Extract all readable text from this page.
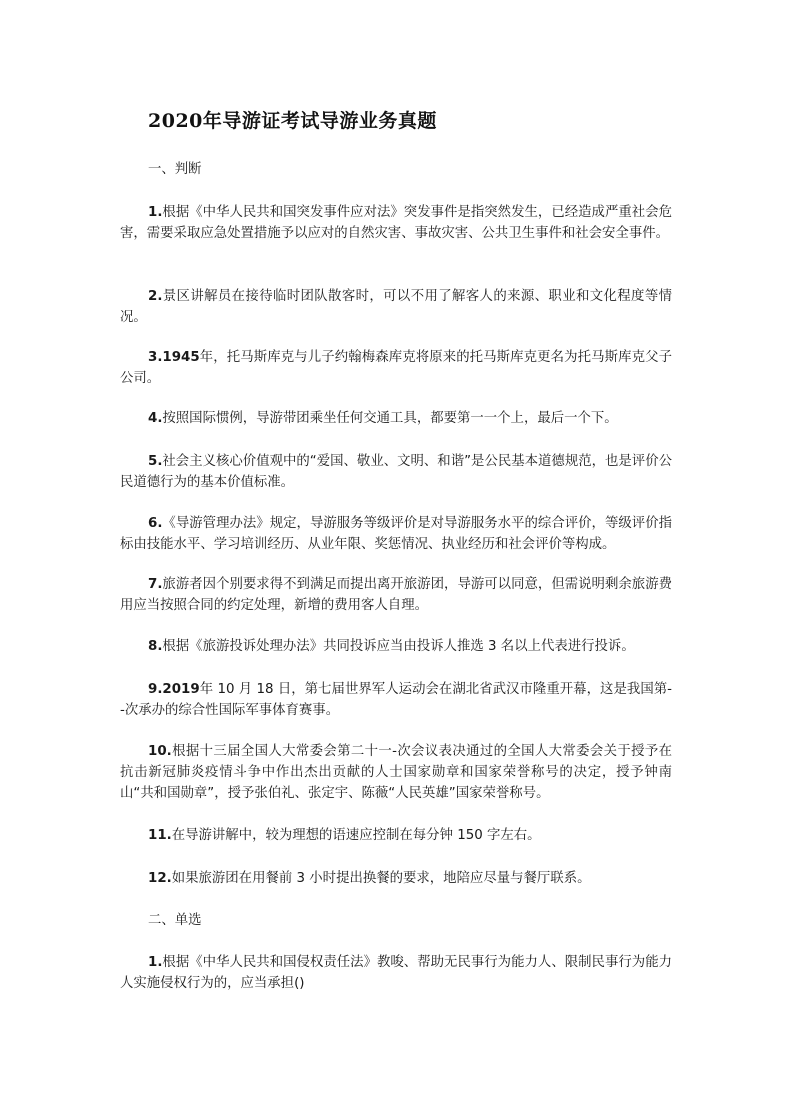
2020年导游证考试导游业务真题
一、判断
1.根据《中华人民共和国突发事件应对法》突发事件是指突然发生，已经造成严重社会危害，需要采取应急处置措施予以应对的自然灾害、事故灾害、公共卫生事件和社会安全事件。
2.景区讲解员在接待临时团队散客时，可以不用了解客人的来源、职业和文化程度等情况。
3.1945年，托马斯库克与儿子约翰梅森库克将原来的托马斯库克更名为托马斯库克父子公司。
4.按照国际惯例，导游带团乘坐任何交通工具，都要第一一个上，最后一个下。
5.社会主义核心价值观中的“爱国、敬业、文明、和谐”是公民基本道德规范，也是评价公民道德行为的基本价值标准。
6.《导游管理办法》规定，导游服务等级评价是对导游服务水平的综合评价，等级评价指标由技能水平、学习培训经历、从业年限、奖惩情况、执业经历和社会评价等构成。
7.旅游者因个别要求得不到满足而提出离开旅游团，导游可以同意，但需说明剩余旅游费用应当按照合同的约定处理，新增的费用客人自理。
8.根据《旅游投诉处理办法》共同投诉应当由投诉人推选 3 名以上代表进行投诉。
9.2019年 10 月 18 日，第七届世界军人运动会在湖北省武汉市隆重开幕，这是我国第--次承办的综合性国际军事体育赛事。
10.根据十三届全国人大常委会第二十一-次会议表决通过的全国人大常委会关于授予在抗击新冠肺炎疫情斗争中作出杰出贡献的人士国家勋章和国家荣誉称号的决定，授予钟南山“共和国勋章”，授予张伯礼、张定宇、陈薇“人民英雄”国家荣誉称号。
11.在导游讲解中，较为理想的语速应控制在每分钟 150 字左右。
12.如果旅游团在用餐前 3 小时提出换餐的要求，地陪应尽量与餐厅联系。
二、单选
1.根据《中华人民共和国侵权责任法》教唆、帮助无民事行为能力人、限制民事行为能力人实施侵权行为的，应当承担()
